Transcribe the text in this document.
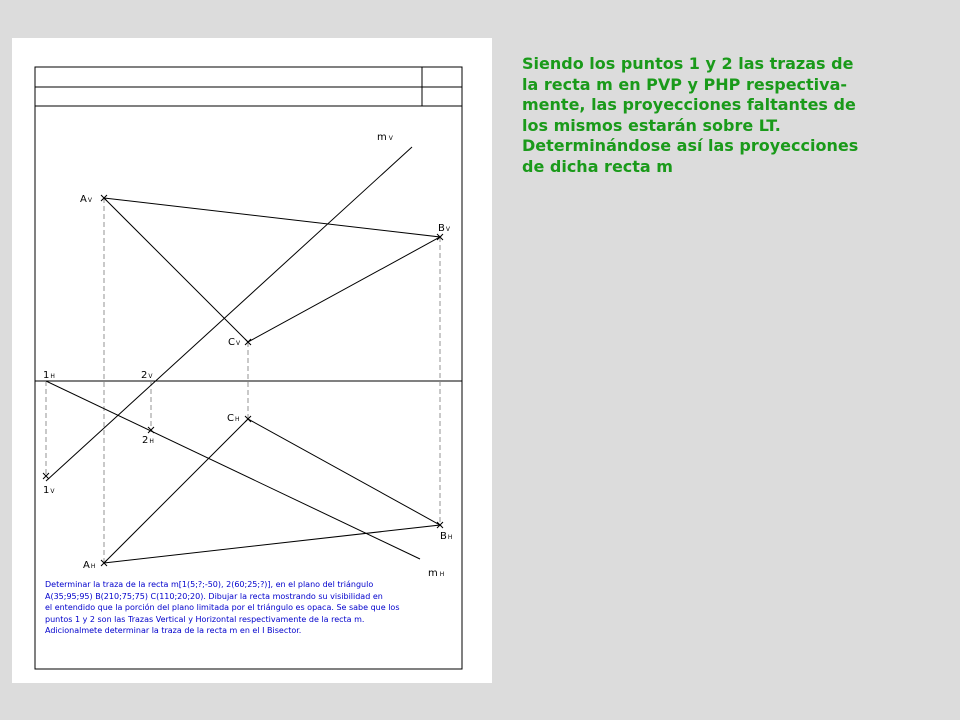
m V
AV
BV
CV
1H	2V
CH
2H
1V
BH
AH
m H

Determinar la traza de la recta m[1(5;?;-50), 2(60;25;?)], en el plano del triángulo

A(35;95;95) B(210;75;75) C(110;20;20). Dibujar la recta mostrando su visibilidad en

el entendido que la porción del plano limitada por el triángulo es opaca. Se sabe que los

puntos 1 y 2 son las Trazas Vertical y Horizontal respectivamente de la recta m.

Adicionalmete determinar la traza de la recta m en el I Bisector.

Siendo los puntos 1 y 2 las trazas de
la recta m en PVP y PHP respectiva-
mente, las proyecciones faltantes de
los mismos estarán sobre LT.
Determinándose así las proyecciones
de dicha recta m
